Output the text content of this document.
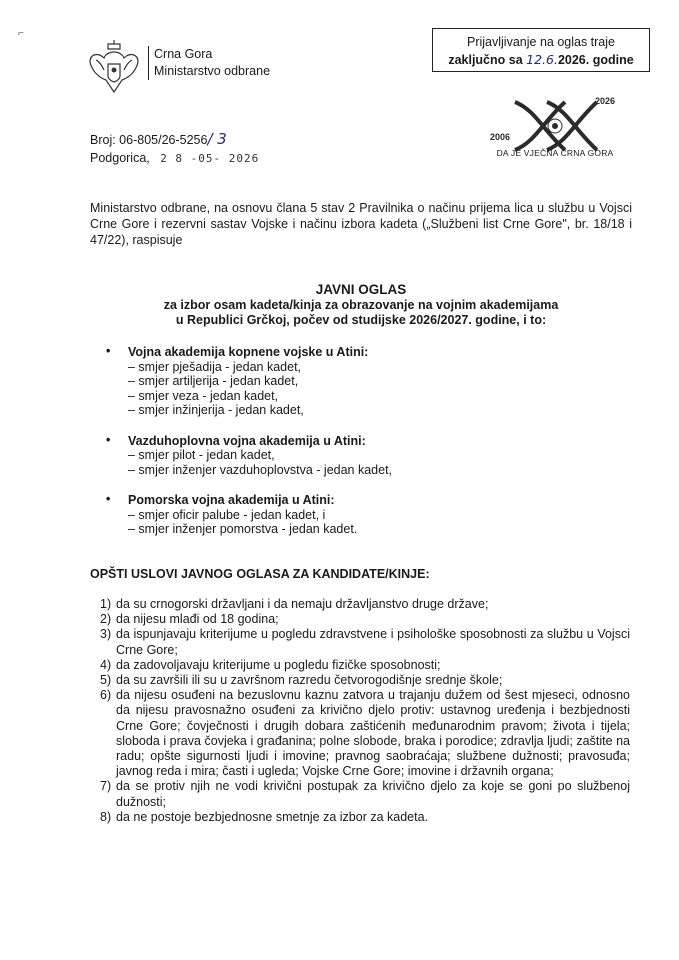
⌐
Crna Gora
Ministarstvo odbrane
Prijavljivanje na oglas traje
zaključno sa 12.6.2026. godine
2006
2026
DA JE VJEČNA CRNA GORA
Broj: 06-805/26-5256/ 3
Podgorica, 2 8 -05- 2026
Ministarstvo odbrane, na osnovu člana 5 stav 2 Pravilnika o načinu prijema lica u službu u Vojsci Crne Gore i rezervni sastav Vojske i načinu izbora kadeta („Službeni list Crne Gore", br. 18/18 i 47/22), raspisuje
JAVNI OGLAS
za izbor osam kadeta/kinja za obrazovanje na vojnim akademijama
u Republici Grčkoj, počev od studijske 2026/2027. godine, i to:
• Vojna akademija kopnene vojske u Atini:
– smjer pješadija - jedan kadet,
– smjer artiljerija - jedan kadet,
– smjer veza - jedan kadet,
– smjer inžinjerija - jedan kadet,
• Vazduhoplovna vojna akademija u Atini:
– smjer pilot - jedan kadet,
– smjer inženjer vazduhoplovstva - jedan kadet,
• Pomorska vojna akademija u Atini:
– smjer oficir palube - jedan kadet, i
– smjer inženjer pomorstva - jedan kadet.
OPŠTI USLOVI JAVNOG OGLASA ZA KANDIDATE/KINJE:
1) da su crnogorski državljani i da nemaju državljanstvo druge države;
2) da nijesu mlađi od 18 godina;
3) da ispunjavaju kriterijume u pogledu zdravstvene i psihološke sposobnosti za službu u Vojsci Crne Gore;
4) da zadovoljavaju kriterijume u pogledu fizičke sposobnosti;
5) da su završili ili su u završnom razredu četvorogodišnje srednje škole;
6) da nijesu osuđeni na bezuslovnu kaznu zatvora u trajanju dužem od šest mjeseci, odnosno da nijesu pravosnažno osuđeni za krivično djelo protiv: ustavnog uređenja i bezbjednosti Crne Gore; čovječnosti i drugih dobara zaštićenih međunarodnim pravom; života i tijela; sloboda i prava čovjeka i građanina; polne slobode, braka i porodice; zdravlja ljudi; zaštite na radu; opšte sigurnosti ljudi i imovine; pravnog saobraćaja; službene dužnosti; pravosuđa; javnog reda i mira; časti i ugleda; Vojske Crne Gore; imovine i državnih organa;
7) da se protiv njih ne vodi krivični postupak za krivično djelo za koje se goni po službenoj dužnosti;
8) da ne postoje bezbjednosne smetnje za izbor za kadeta.
